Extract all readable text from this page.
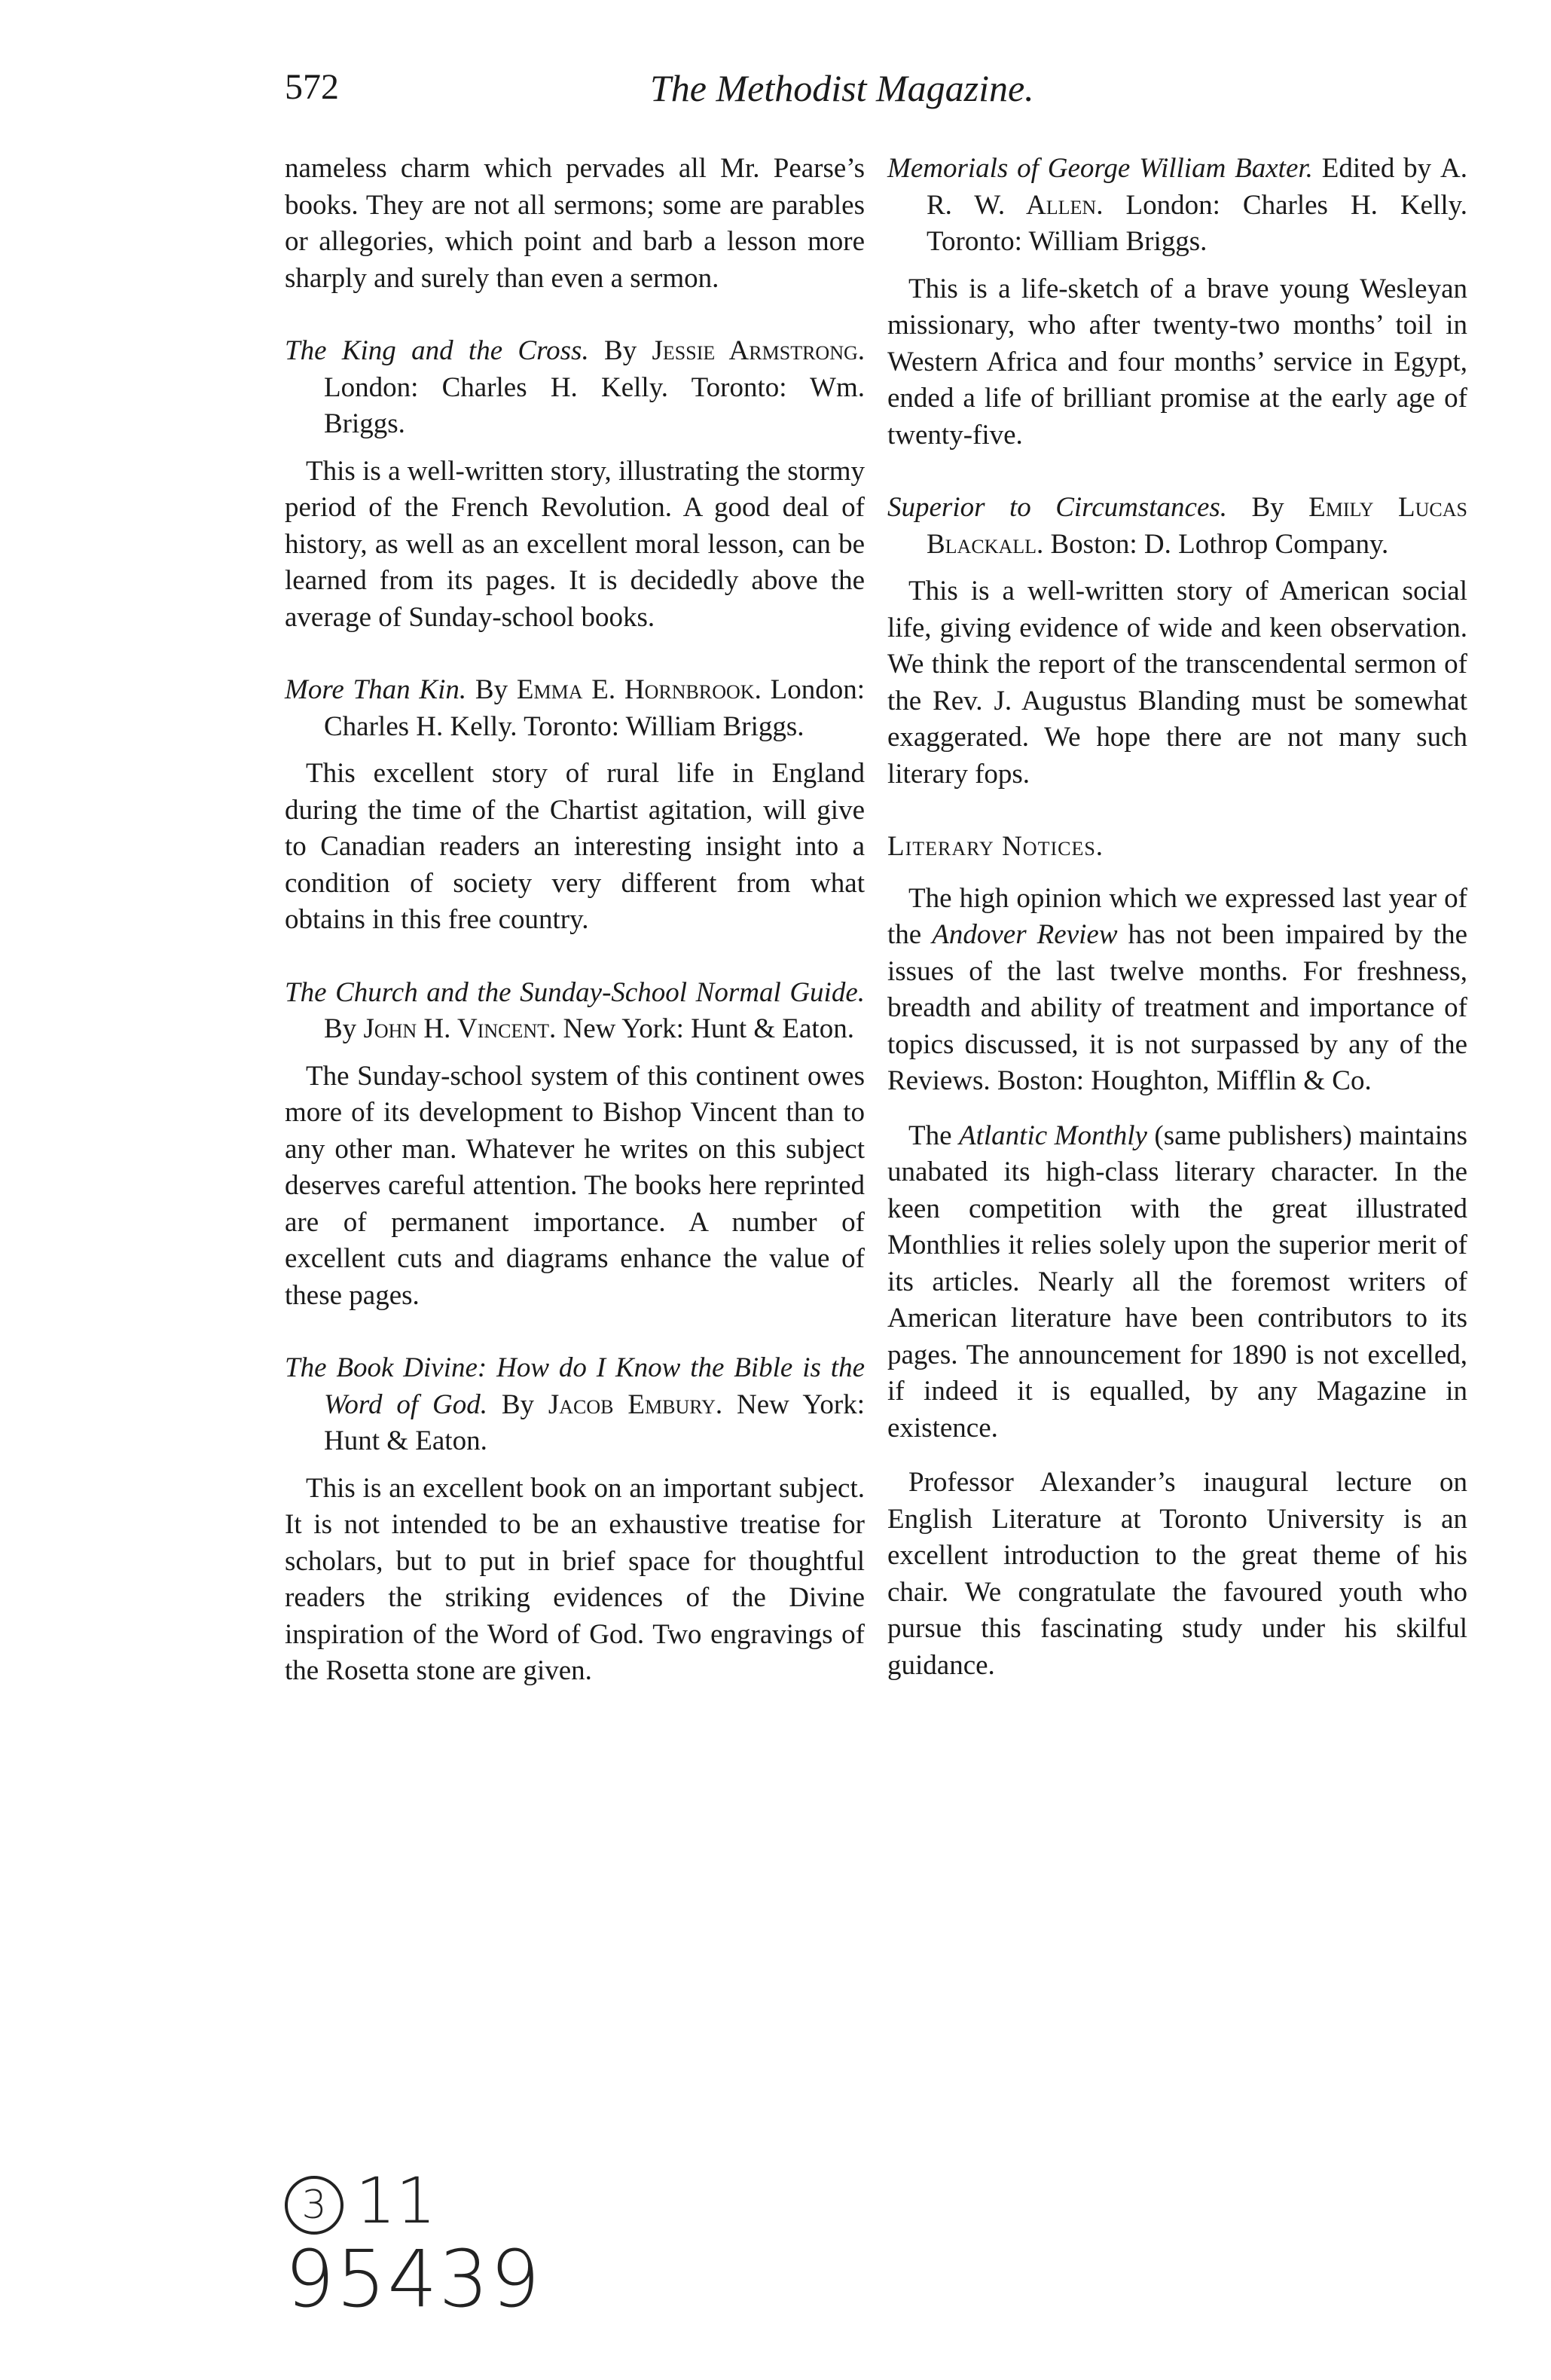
572	The Methodist Magazine.

nameless charm which pervades all Mr. Pearse’s books. They are not all sermons; some are parables or allegories, which point and barb a lesson more sharply and surely than even a sermon.

The King and the Cross. By Jessie Armstrong. London: Charles H. Kelly. Toronto: Wm. Briggs.

This is a well-written story, illustrating the stormy period of the French Revolution. A good deal of history, as well as an excellent moral lesson, can be learned from its pages. It is decidedly above the average of Sunday-school books.

More Than Kin. By Emma E. Hornbrook. London: Charles H. Kelly. Toronto: William Briggs.

This excellent story of rural life in England during the time of the Chartist agitation, will give to Canadian readers an interesting insight into a condition of society very different from what obtains in this free country.

The Church and the Sunday-School Normal Guide. By John H. Vincent. New York: Hunt & Eaton.

The Sunday-school system of this continent owes more of its development to Bishop Vincent than to any other man. Whatever he writes on this subject deserves careful attention. The books here reprinted are of permanent importance. A number of excellent cuts and diagrams enhance the value of these pages.

The Book Divine: How do I Know the Bible is the Word of God. By Jacob Embury. New York: Hunt & Eaton.

This is an excellent book on an important subject. It is not intended to be an exhaustive treatise for scholars, but to put in brief space for thoughtful readers the striking evidences of the Divine inspiration of the Word of God. Two engravings of the Rosetta stone are given.

Memorials of George William Baxter. Edited by A. R. W. Allen. London: Charles H. Kelly. Toronto: William Briggs.

This is a life-sketch of a brave young Wesleyan missionary, who after twenty-two months’ toil in Western Africa and four months’ service in Egypt, ended a life of brilliant promise at the early age of twenty-five.

Superior to Circumstances. By Emily Lucas Blackall. Boston: D. Lothrop Company.

This is a well-written story of American social life, giving evidence of wide and keen observation. We think the report of the transcendental sermon of the Rev. J. Augustus Blanding must be somewhat exaggerated. We hope there are not many such literary fops.

Literary Notices.

The high opinion which we expressed last year of the Andover Review has not been impaired by the issues of the last twelve months. For freshness, breadth and ability of treatment and importance of topics discussed, it is not surpassed by any of the Reviews. Boston: Houghton, Mifflin & Co.

The Atlantic Monthly (same publishers) maintains unabated its high-class literary character. In the keen competition with the great illustrated Monthlies it relies solely upon the superior merit of its articles. Nearly all the foremost writers of American literature have been contributors to its pages. The announcement for 1890 is not excelled, if indeed it is equalled, by any Magazine in existence.

Professor Alexander’s inaugural lecture on English Literature at Toronto University is an excellent introduction to the great theme of his chair. We congratulate the favoured youth who pursue this fascinating study under his skilful guidance.

3 11
95439
